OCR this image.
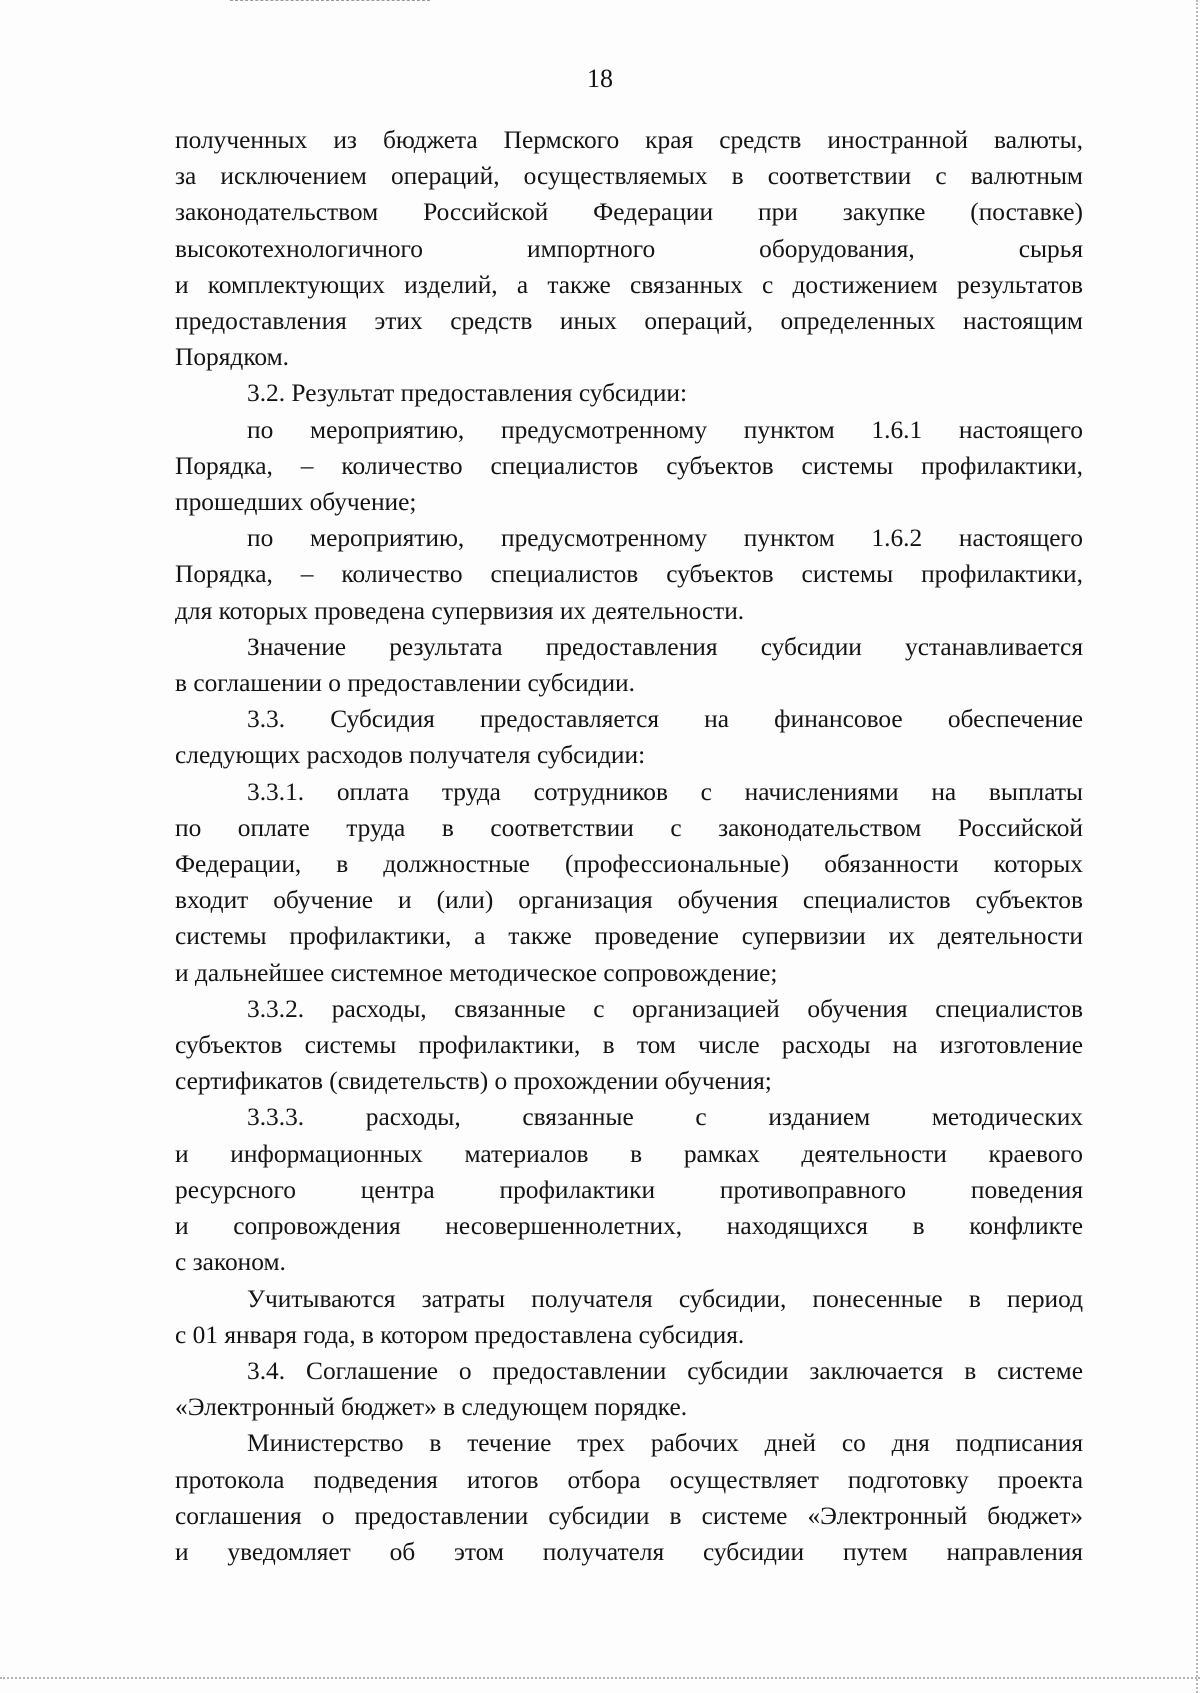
18
полученных из бюджета Пермского края средств иностранной валюты,
за исключением операций, осуществляемых в соответствии с валютным
законодательством Российской Федерации при закупке (поставке)
высокотехнологичного импортного оборудования, сырья
и комплектующих изделий, а также связанных с достижением результатов
предоставления этих средств иных операций, определенных настоящим
Порядком.
3.2. Результат предоставления субсидии:
по мероприятию, предусмотренному пунктом 1.6.1 настоящего
Порядка, – количество специалистов субъектов системы профилактики,
прошедших обучение;
по мероприятию, предусмотренному пунктом 1.6.2 настоящего
Порядка, – количество специалистов субъектов системы профилактики,
для которых проведена супервизия их деятельности.
Значение результата предоставления субсидии устанавливается
в соглашении о предоставлении субсидии.
3.3. Субсидия предоставляется на финансовое обеспечение
следующих расходов получателя субсидии:
3.3.1. оплата труда сотрудников с начислениями на выплаты
по оплате труда в соответствии с законодательством Российской
Федерации, в должностные (профессиональные) обязанности которых
входит обучение и (или) организация обучения специалистов субъектов
системы профилактики, а также проведение супервизии их деятельности
и дальнейшее системное методическое сопровождение;
3.3.2. расходы, связанные с организацией обучения специалистов
субъектов системы профилактики, в том числе расходы на изготовление
сертификатов (свидетельств) о прохождении обучения;
3.3.3. расходы, связанные с изданием методических
и информационных материалов в рамках деятельности краевого
ресурсного центра профилактики противоправного поведения
и сопровождения несовершеннолетних, находящихся в конфликте
с законом.
Учитываются затраты получателя субсидии, понесенные в период
с 01 января года, в котором предоставлена субсидия.
3.4. Соглашение о предоставлении субсидии заключается в системе
«Электронный бюджет» в следующем порядке.
Министерство в течение трех рабочих дней со дня подписания
протокола подведения итогов отбора осуществляет подготовку проекта
соглашения о предоставлении субсидии в системе «Электронный бюджет»
и уведомляет об этом получателя субсидии путем направления
